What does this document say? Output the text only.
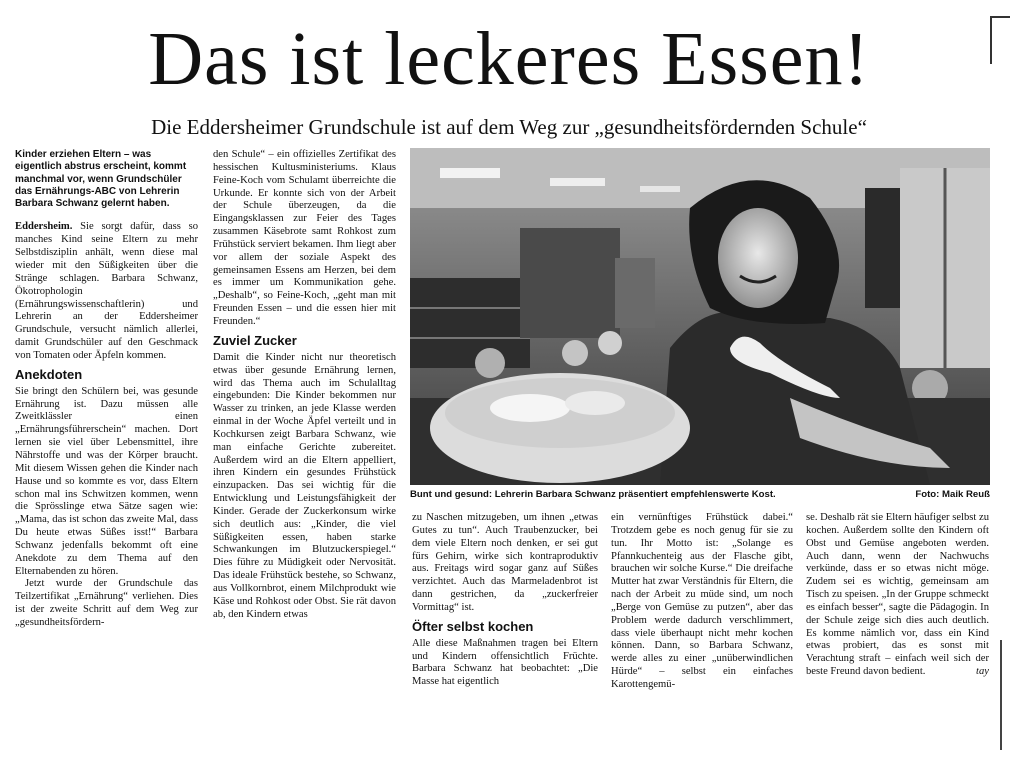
Das ist leckeres Essen!
Die Eddersheimer Grundschule ist auf dem Weg zur „gesundheitsfördernden Schule“

Kinder erziehen Eltern – was eigentlich abstrus erscheint, kommt manchmal vor, wenn Grundschüler das Ernährungs-ABC von Lehrerin Barbara Schwanz gelernt haben.

Eddersheim. Sie sorgt dafür, dass so manches Kind seine Eltern zu mehr Selbstdisziplin anhält, wenn diese mal wieder mit den Süßigkeiten über die Stränge schlagen. Barbara Schwanz, Ökotrophologin (Ernährungswissenschaftlerin) und Lehrerin an der Eddersheimer Grundschule, versucht nämlich allerlei, damit Grundschüler auf den Geschmack von Tomaten oder Äpfeln kommen.

Anekdoten

Sie bringt den Schülern bei, was gesunde Ernährung ist. Dazu müssen alle Zweitklässler einen „Ernährungsführerschein“ machen. Dort lernen sie viel über Lebensmittel, ihre Nährstoffe und was der Körper braucht. Mit diesem Wissen gehen die Kinder nach Hause und so kommte es vor, dass Eltern schon mal ins Schwitzen kommen, wenn die Sprösslinge etwa Sätze sagen wie: „Mama, das ist schon das zweite Mal, dass Du heute etwas Süßes isst!“ Barbara Schwanz jedenfalls bekommt oft eine Anekdote zu dem Thema auf den Elternabenden zu hören.

Jetzt wurde der Grundschule das Teilzertifikat „Ernährung“ verliehen. Dies ist der zweite Schritt auf dem Weg zur „gesundheitsfördern-

den Schule“ – ein offizielles Zertifikat des hessischen Kultusministeriums. Klaus Feine-Koch vom Schulamt überreichte die Urkunde. Er konnte sich von der Arbeit der Schule überzeugen, da die Eingangsklassen zur Feier des Tages zusammen Käsebrote samt Rohkost zum Frühstück serviert bekamen. Ihm liegt aber vor allem der soziale Aspekt des gemeinsamen Essens am Herzen, bei dem es immer um Kommunikation gehe. „Deshalb“, so Feine-Koch, „geht man mit Freunden Essen – und die essen hier mit Freunden.“

Zuviel Zucker

Damit die Kinder nicht nur theoretisch etwas über gesunde Ernährung lernen, wird das Thema auch im Schulalltag eingebunden: Die Kinder bekommen nur Wasser zu trinken, an jede Klasse werden einmal in der Woche Äpfel verteilt und in Kochkursen zeigt Barbara Schwanz, wie man einfache Gerichte zubereitet. Außerdem wird an die Eltern appelliert, ihren Kindern ein gesundes Frühstück einzupacken. Das sei wichtig für die Entwicklung und Leistungsfähigkeit der Kinder. Gerade der Zuckerkonsum wirke sich deutlich aus: „Kinder, die viel Süßigkeiten essen, haben starke Schwankungen im Blutzuckerspiegel.“ Dies führe zu Müdigkeit oder Nervosität. Das ideale Frühstück bestehe, so Schwanz, aus Vollkornbrot, einem Milchprodukt wie Käse und Rohkost oder Obst. Sie rät davon ab, den Kindern etwas

Bunt und gesund: Lehrerin Barbara Schwanz präsentiert empfehlenswerte Kost.	Foto: Maik Reuß

zu Naschen mitzugeben, um ihnen „etwas Gutes zu tun“. Auch Traubenzucker, bei dem viele Eltern noch denken, er sei gut fürs Gehirn, wirke sich kontraproduktiv aus. Freitags wird sogar ganz auf Süßes verzichtet. Auch das Marmeladenbrot ist dann gestrichen, da „zuckerfreier Vormittag“ ist.

Öfter selbst kochen

Alle diese Maßnahmen tragen bei Eltern und Kindern offensichtlich Früchte. Barbara Schwanz hat beobachtet: „Die Masse hat eigentlich

ein vernünftiges Frühstück dabei.“ Trotzdem gebe es noch genug für sie zu tun. Ihr Motto ist: „Solange es Pfannkuchenteig aus der Flasche gibt, brauchen wir solche Kurse.“ Die dreifache Mutter hat zwar Verständnis für Eltern, die nach der Arbeit zu müde sind, um noch „Berge von Gemüse zu putzen“, aber das Problem werde dadurch verschlimmert, dass viele überhaupt nicht mehr kochen können. Dann, so Barbara Schwanz, werde alles zu einer „unüberwindlichen Hürde“ – selbst ein einfaches Karottengemü-

se. Deshalb rät sie Eltern häufiger selbst zu kochen. Außerdem sollte den Kindern oft Obst und Gemüse angeboten werden. Auch dann, wenn der Nachwuchs verkünde, dass er so etwas nicht möge. Zudem sei es wichtig, gemeinsam am Tisch zu speisen. „In der Gruppe schmeckt es einfach besser“, sagte die Pädagogin. In der Schule zeige sich dies auch deutlich. Es komme nämlich vor, dass ein Kind etwas probiert, das es sonst mit Verachtung straft – einfach weil sich der beste Freund davon bedient.	tay
